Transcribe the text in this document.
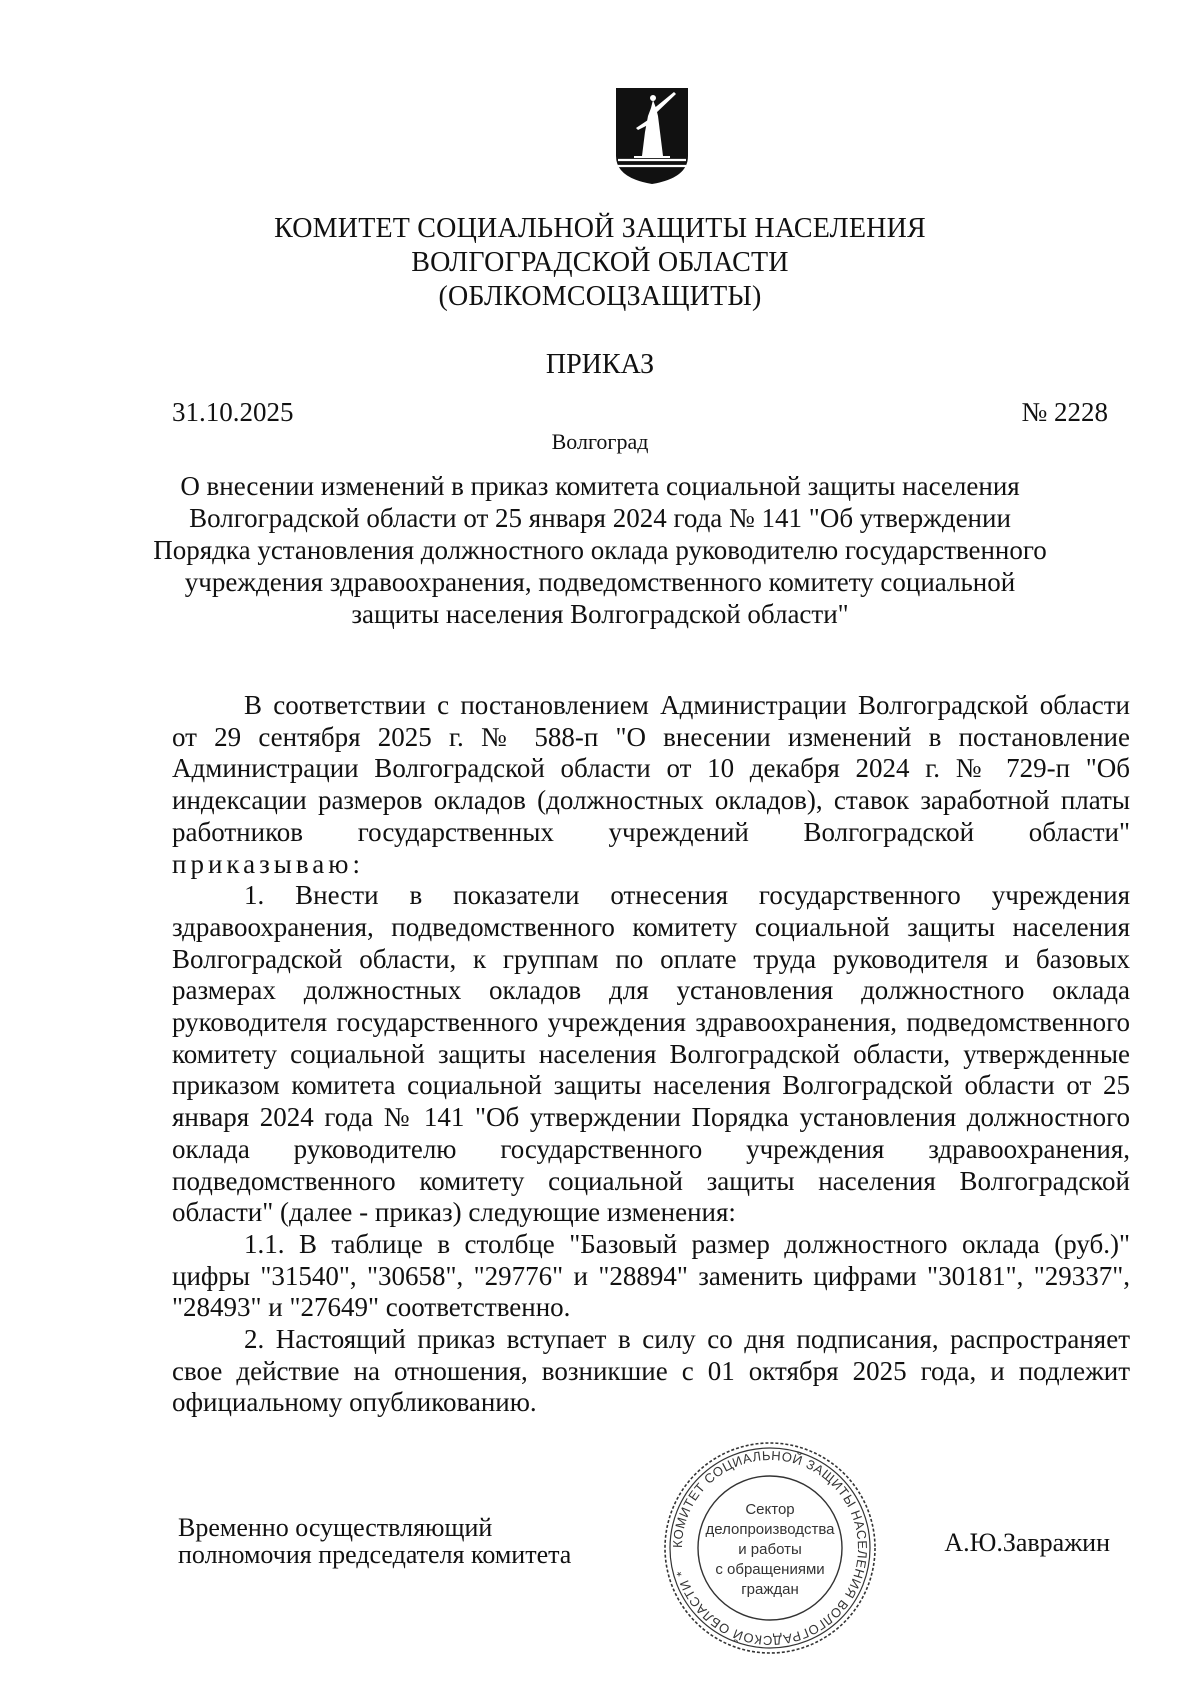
КОМИТЕТ СОЦИАЛЬНОЙ ЗАЩИТЫ НАСЕЛЕНИЯ
ВОЛГОГРАДСКОЙ ОБЛАСТИ
(ОБЛКОМСОЦЗАЩИТЫ)
ПРИКАЗ
31.10.2025	№ 2228
Волгоград
О внесении изменений в приказ комитета социальной защиты населения
Волгоградской области от 25 января 2024 года № 141 "Об утверждении
Порядка установления должностного оклада руководителю государственного
учреждения здравоохранения, подведомственного комитету социальной
защиты населения Волгоградской области"

В соответствии с постановлением Администрации Волгоградской области от 29 сентября 2025 г. № 588-п "О внесении изменений в постановление Администрации Волгоградской области от 10 декабря 2024 г. № 729-п "Об индексации размеров окладов (должностных окладов), ставок заработной платы работников государственных учреждений Волгоградской области" приказываю:

1. Внести в показатели отнесения государственного учреждения здравоохранения, подведомственного комитету социальной защиты населения Волгоградской области, к группам по оплате труда руководителя и базовых размерах должностных окладов для установления должностного оклада руководителя государственного учреждения здравоохранения, подведомственного комитету социальной защиты населения Волгоградской области, утвержденные приказом комитета социальной защиты населения Волгоградской области от 25 января 2024 года № 141 "Об утверждении Порядка установления должностного оклада руководителю государственного учреждения здравоохранения, подведомственного комитету социальной защиты населения Волгоградской области" (далее - приказ) следующие изменения:

1.1. В таблице в столбце "Базовый размер должностного оклада (руб.)" цифры "31540", "30658", "29776" и "28894" заменить цифрами "30181", "29337", "28493" и "27649" соответственно.

2. Настоящий приказ вступает в силу со дня подписания, распространяет свое действие на отношения, возникшие с 01 октября 2025 года, и подлежит официальному опубликованию.

Временно осуществляющий
полномочия председателя комитета	А.Ю.Завражин
КОМИТЕТ СОЦИАЛЬНОЙ ЗАЩИТЫ НАСЕЛЕНИЯ ВОЛГОГРАДСКОЙ ОБЛАСТИ *
Сектор
делопроизводства
и работы
с обращениями
граждан
